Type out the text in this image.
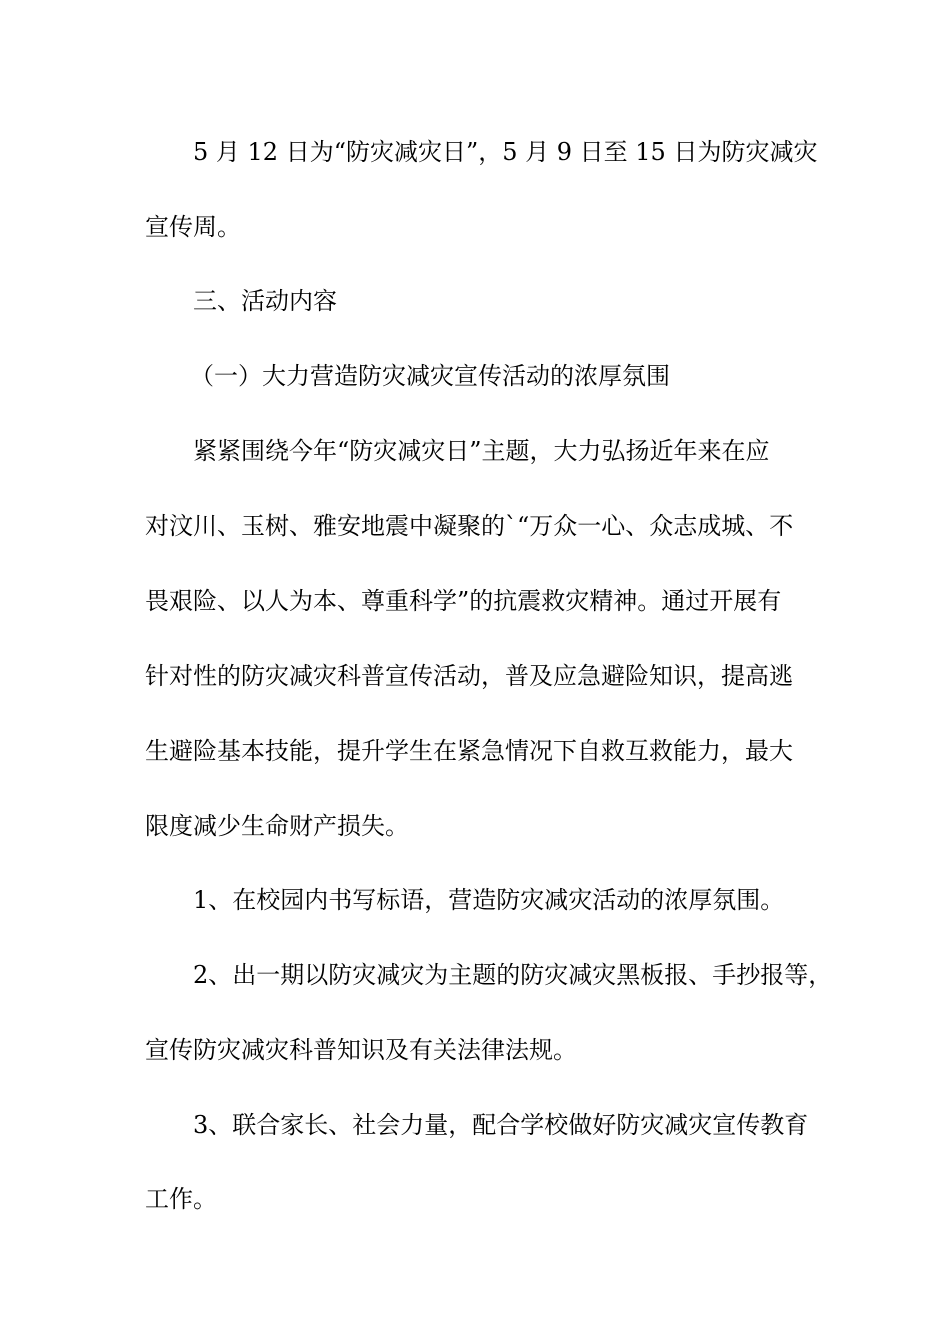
5 月 12 日为“防灾减灾日”，5 月 9 日至 15 日为防灾减灾

宣传周。

三、活动内容

（一）大力营造防灾减灾宣传活动的浓厚氛围

紧紧围绕今年“防灾减灾日”主题，大力弘扬近年来在应

对汶川、玉树、雅安地震中凝聚的`“万众一心、众志成城、不

畏艰险、以人为本、尊重科学”的抗震救灾精神。通过开展有

针对性的防灾减灾科普宣传活动，普及应急避险知识，提高逃

生避险基本技能，提升学生在紧急情况下自救互救能力，最大

限度减少生命财产损失。

1、在校园内书写标语，营造防灾减灾活动的浓厚氛围。

2、出一期以防灾减灾为主题的防灾减灾黑板报、手抄报等，

宣传防灾减灾科普知识及有关法律法规。

3、联合家长、社会力量，配合学校做好防灾减灾宣传教育

工作。
